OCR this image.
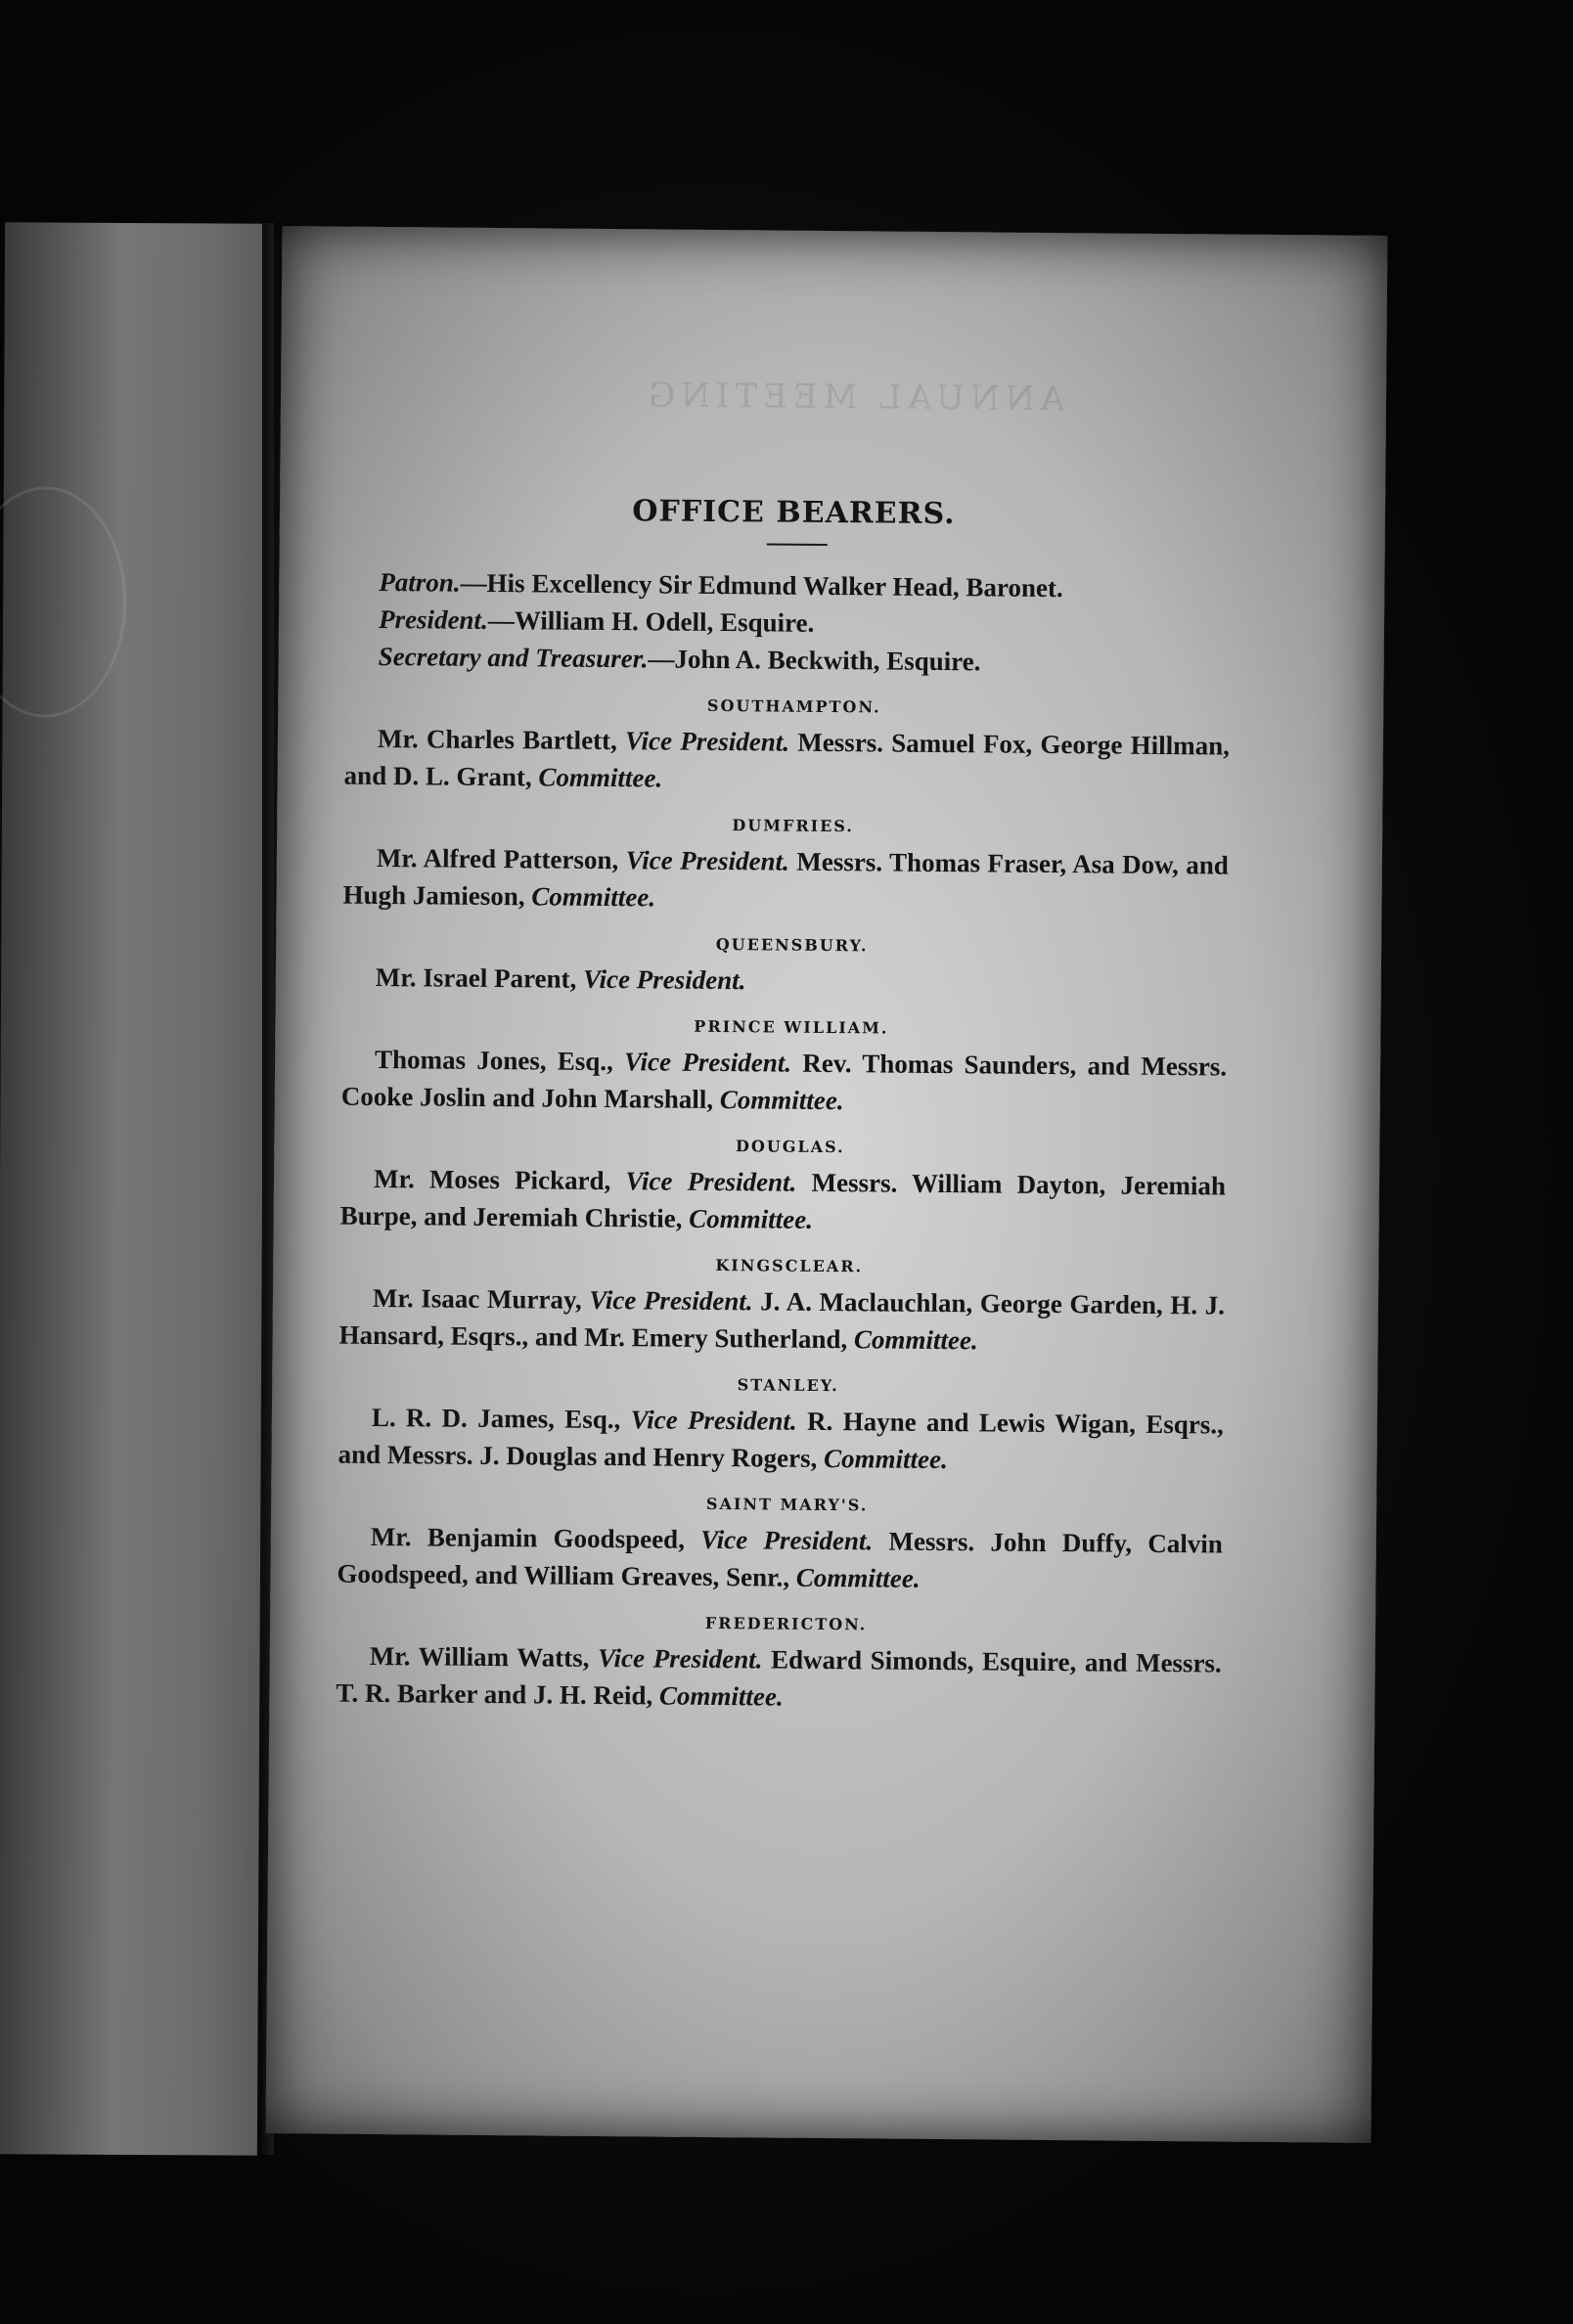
ANNUAL MEETING
OFFICE BEARERS.

Patron.—His Excellency Sir Edmund Walker Head, Baronet.

President.—William H. Odell, Esquire.

Secretary and Treasurer.—John A. Beckwith, Esquire.

SOUTHAMPTON.

Mr. Charles Bartlett, Vice President. Messrs. Samuel Fox, George Hillman, and D. L. Grant, Committee.

DUMFRIES.

Mr. Alfred Patterson, Vice President. Messrs. Thomas Fraser, Asa Dow, and Hugh Jamieson, Committee.

QUEENSBURY.

Mr. Israel Parent, Vice President.

PRINCE WILLIAM.

Thomas Jones, Esq., Vice President. Rev. Thomas Saunders, and Messrs. Cooke Joslin and John Marshall, Committee.

DOUGLAS.

Mr. Moses Pickard, Vice President. Messrs. William Dayton, Jeremiah Burpe, and Jeremiah Christie, Committee.

KINGSCLEAR.

Mr. Isaac Murray, Vice President. J. A. Maclauchlan, George Garden, H. J. Hansard, Esqrs., and Mr. Emery Sutherland, Committee.

STANLEY.

L. R. D. James, Esq., Vice President. R. Hayne and Lewis Wigan, Esqrs., and Messrs. J. Douglas and Henry Rogers, Committee.

SAINT MARY'S.

Mr. Benjamin Goodspeed, Vice President. Messrs. John Duffy, Calvin Goodspeed, and William Greaves, Senr., Committee.

FREDERICTON.

Mr. William Watts, Vice President. Edward Simonds, Esquire, and Messrs. T. R. Barker and J. H. Reid, Committee.
